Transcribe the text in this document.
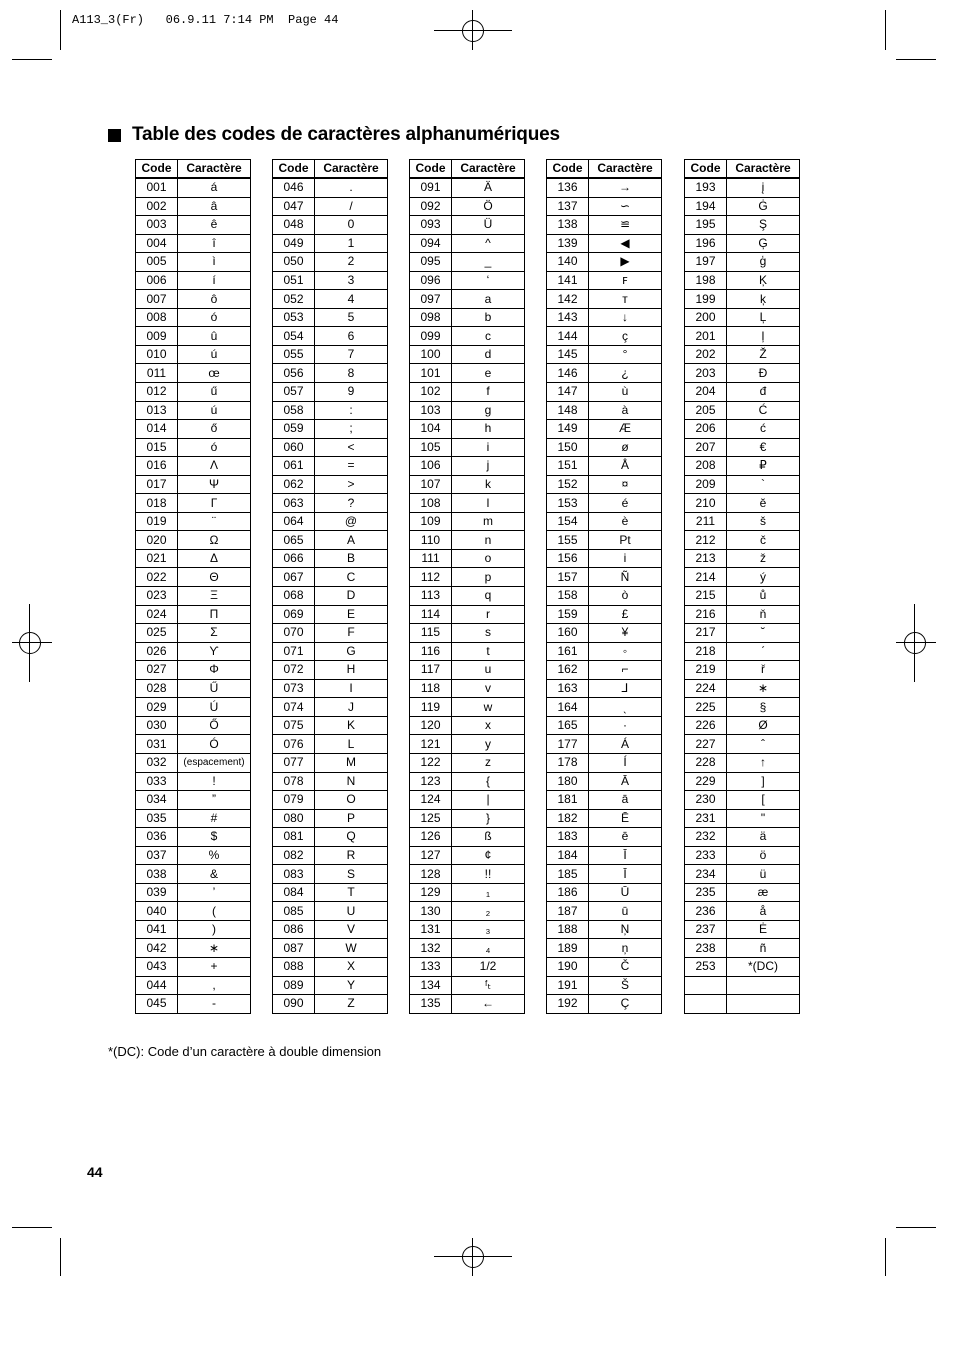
A113_3(Fr)   06.9.11 7:14 PM  Page 44
Table des codes de caractères alphanumériques
Code	Caractère
001	á
002	â
003	ê
004	î
005	ì
006	í
007	ô
008	ó
009	û
010	ú
011	œ
012	ű
013	ú
014	ő
015	ó
016	Λ
017	Ψ
018	Γ
019	¨
020	Ω
021	Δ
022	Θ
023	Ξ
024	Π
025	Σ
026	ϒ
027	Φ
028	Ű
029	Ú
030	Ő
031	Ó
032	(espacement)
033	!
034	”
035	#
036	$
037	%
038	&
039	’
040	(
041	)
042	∗
043	+
044	,
045	-
Code	Caractère
046	.
047	/
048	0
049	1
050	2
051	3
052	4
053	5
054	6
055	7
056	8
057	9
058	:
059	;
060	<
061	=
062	>
063	?
064	@
065	A
066	B
067	C
068	D
069	E
070	F
071	G
072	H
073	I
074	J
075	K
076	L
077	M
078	N
079	O
080	P
081	Q
082	R
083	S
084	T
085	U
086	V
087	W
088	X
089	Y
090	Z
Code	Caractère
091	Ä
092	Ö
093	Ü
094	^
095	_
096	‘
097	a
098	b
099	c
100	d
101	e
102	f
103	g
104	h
105	i
106	j
107	k
108	l
109	m
110	n
111	o
112	p
113	q
114	r
115	s
116	t
117	u
118	v
119	w
120	x
121	y
122	z
123	{
124	|
125	}
126	ß
127	¢
128	!!
129	₁
130	₂
131	₃
132	₄
133	1/2
134	ᶠₜ
135	←
Code	Caractère
136	→
137	∽
138	≌
139	◀
140	▶
141	ꜰ
142	ᴛ
143	↓
144	ç
145	°
146	¿
147	ù
148	à
149	Æ
150	ø
151	Å
152	¤
153	é
154	è
155	Pt
156	i
157	Ñ
158	ò
159	£
160	¥
161	◦
162	⌐
163	⅃
164	ˎ
165	·
177	Á
178	Í
180	Ā
181	ā
182	Ē
183	ē
184	Ī
185	Ī
186	Ū
187	ū
188	Ņ
189	ņ
190	Č
191	Š
192	Ç
Code	Caractère
193	į
194	Ġ
195	Ş
196	Ģ
197	ģ
198	Ķ
199	ķ
200	Ļ
201	ļ
202	Ž
203	Đ
204	đ
205	Ć
206	ć
207	€
208	₽
209	`
210	ĕ
211	š
212	č
213	ž
214	ý
215	ů
216	ň
217	˘
218	ˊ
219	ř
224	∗
225	§
226	Ø
227	ˆ
228	↑
229	]
230	[
231	"
232	ä
233	ö
234	ü
235	æ
236	å
237	Ė
238	ñ
253	*(DC)

*(DC): Code d’un caractère à double dimension
44
